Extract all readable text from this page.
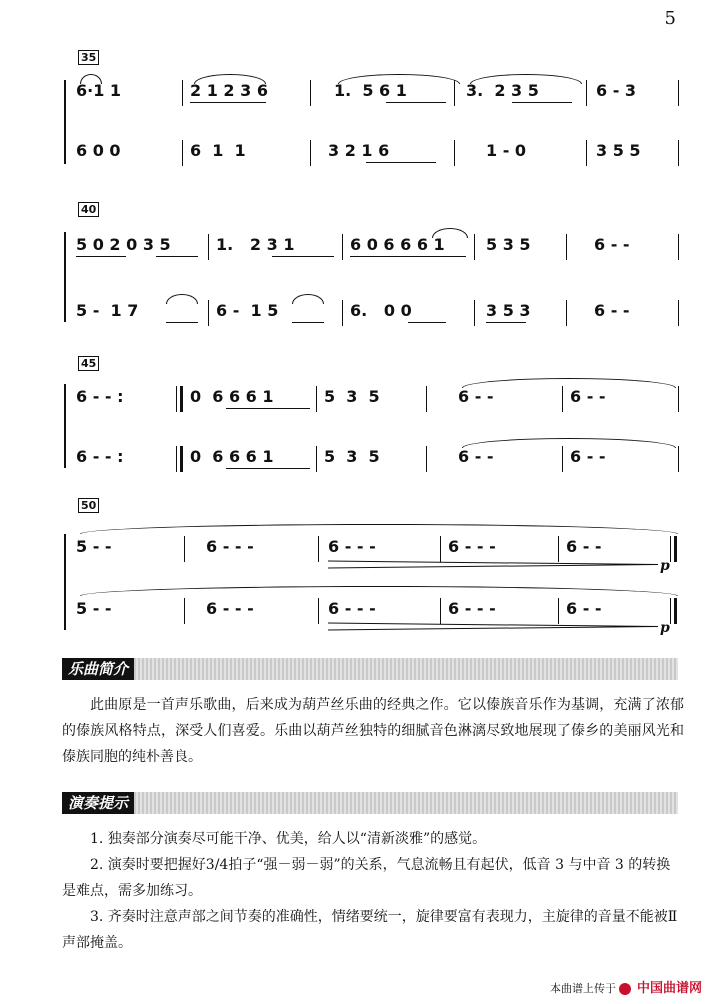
5
35
6·1 1	2 1 2 3 6	1.  5 6 1	3.  2 3 5	6 - 3
6 0 0	6  1  1	3 2 1 6	1 - 0	3 5 5
40
5 0 2 0 3 5	1.   2 3 1	6 0 6 6 6 1	5 3 5	6 - -
5 -  1 7	6 -  1 5	6.   0 0	3 5 3	6 - -
45
6 - - :	0  6 6 6 1	5  3  5	6 - -	6 - -
6 - - :	0  6 6 6 1	5  3  5	6 - -	6 - -
50
5 - -	6 - - -	6 - - -	6 - - -	6 - -
p
5 - -	6 - - -	6 - - -	6 - - -	6 - -
p
乐曲简介
此曲原是一首声乐歌曲，后来成为葫芦丝乐曲的经典之作。它以傣族音乐作为基调，充满了浓郁的傣族风格特点，深受人们喜爱。乐曲以葫芦丝独特的细腻音色淋漓尽致地展现了傣乡的美丽风光和傣族同胞的纯朴善良。
演奏提示
1. 独奏部分演奏尽可能干净、优美，给人以“清新淡雅”的感觉。
2. 演奏时要把握好3/4拍子“强－弱－弱”的关系，气息流畅且有起伏，低音 3 与中音 3 的转换是难点，需多加练习。
3. 齐奏时注意声部之间节奏的准确性，情绪要统一，旋律要富有表现力，主旋律的音量不能被Ⅱ声部掩盖。
本曲谱上传于 中国曲谱网
